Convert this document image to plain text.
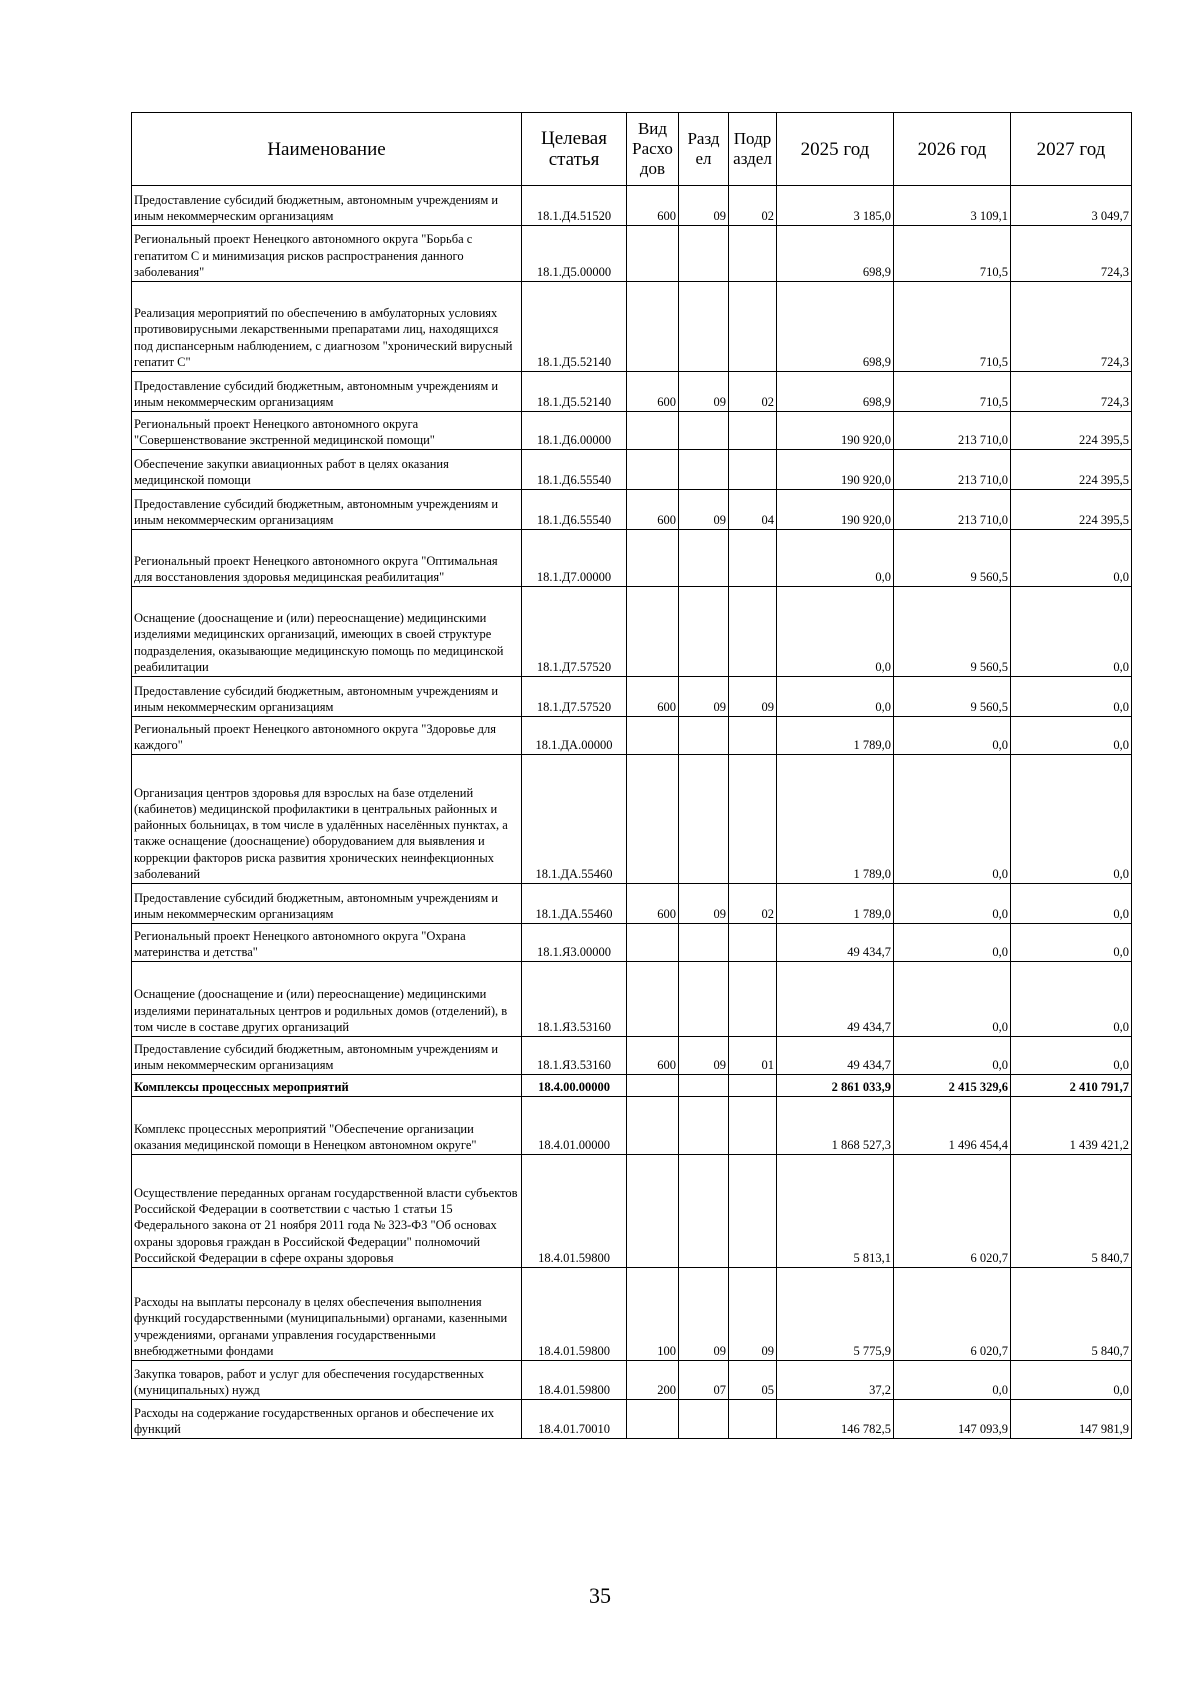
Наименование	Целевая статья	Вид Расхо дов	Разд ел	Подр аздел	2025 год	2026 год	2027 год
Предоставление субсидий бюджетным, автономным учреждениям и иным некоммерческим организациям	18.1.Д4.51520	600	09	02	3 185,0	3 109,1	3 049,7
Региональный проект Ненецкого автономного округа "Борьба с гепатитом С и минимизация рисков распространения данного заболевания"	18.1.Д5.00000				698,9	710,5	724,3
Реализация мероприятий по обеспечению в амбулаторных условиях противовирусными лекарственными препаратами лиц, находящихся под диспансерным наблюдением, с диагнозом "хронический вирусный гепатит С"	18.1.Д5.52140				698,9	710,5	724,3
Предоставление субсидий бюджетным, автономным учреждениям и иным некоммерческим организациям	18.1.Д5.52140	600	09	02	698,9	710,5	724,3
Региональный проект Ненецкого автономного округа "Совершенствование экстренной медицинской помощи"	18.1.Д6.00000				190 920,0	213 710,0	224 395,5
Обеспечение закупки авиационных работ в целях оказания медицинской помощи	18.1.Д6.55540				190 920,0	213 710,0	224 395,5
Предоставление субсидий бюджетным, автономным учреждениям и иным некоммерческим организациям	18.1.Д6.55540	600	09	04	190 920,0	213 710,0	224 395,5
Региональный проект Ненецкого автономного округа "Оптимальная для восстановления здоровья медицинская реабилитация"	18.1.Д7.00000				0,0	9 560,5	0,0
Оснащение (дооснащение и (или) переоснащение) медицинскими изделиями медицинских организаций, имеющих в своей структуре подразделения, оказывающие медицинскую помощь по медицинской реабилитации	18.1.Д7.57520				0,0	9 560,5	0,0
Предоставление субсидий бюджетным, автономным учреждениям и иным некоммерческим организациям	18.1.Д7.57520	600	09	09	0,0	9 560,5	0,0
Региональный проект Ненецкого автономного округа "Здоровье для каждого"	18.1.ДА.00000				1 789,0	0,0	0,0
Организация центров здоровья для взрослых на базе отделений (кабинетов) медицинской профилактики в центральных районных и районных больницах, в том числе в удалённых населённых пунктах, а также оснащение (дооснащение) оборудованием для выявления и коррекции факторов риска развития хронических неинфекционных заболеваний	18.1.ДА.55460				1 789,0	0,0	0,0
Предоставление субсидий бюджетным, автономным учреждениям и иным некоммерческим организациям	18.1.ДА.55460	600	09	02	1 789,0	0,0	0,0
Региональный проект Ненецкого автономного округа "Охрана материнства и детства"	18.1.Я3.00000				49 434,7	0,0	0,0
Оснащение (дооснащение и (или) переоснащение) медицинскими изделиями перинатальных центров и родильных домов (отделений), в том числе в составе других организаций	18.1.Я3.53160				49 434,7	0,0	0,0
Предоставление субсидий бюджетным, автономным учреждениям и иным некоммерческим организациям	18.1.Я3.53160	600	09	01	49 434,7	0,0	0,0
Комплексы процессных мероприятий	18.4.00.00000				2 861 033,9	2 415 329,6	2 410 791,7
Комплекс процессных мероприятий "Обеспечение организации оказания медицинской помощи в Ненецком автономном округе"	18.4.01.00000				1 868 527,3	1 496 454,4	1 439 421,2
Осуществление переданных органам государственной власти субъектов Российской Федерации в соответствии с частью 1 статьи 15 Федерального закона от 21 ноября 2011 года № 323-ФЗ "Об основах охраны здоровья граждан в Российской Федерации" полномочий Российской Федерации в сфере охраны здоровья	18.4.01.59800				5 813,1	6 020,7	5 840,7
Расходы на выплаты персоналу в целях обеспечения выполнения функций государственными (муниципальными) органами, казенными учреждениями, органами управления государственными внебюджетными фондами	18.4.01.59800	100	09	09	5 775,9	6 020,7	5 840,7
Закупка товаров, работ и услуг для обеспечения государственных (муниципальных) нужд	18.4.01.59800	200	07	05	37,2	0,0	0,0
Расходы на содержание государственных органов и обеспечение их функций	18.4.01.70010				146 782,5	147 093,9	147 981,9
35
